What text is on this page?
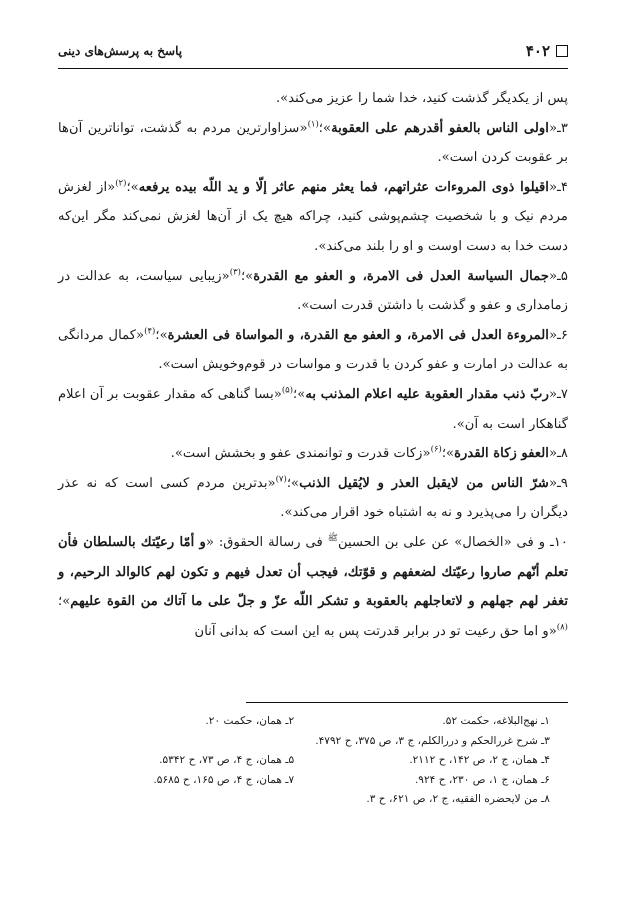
۴۰۲
پاسخ به پرسش‌های دینی

پس از یکدیگر گذشت کنید، خدا شما را عزیز می‌کند».

۳ـ«اولی الناس بالعفو أقدرهم علی العقوبة»؛$^{(۱)}$«سزاوارترین مردم به گذشت، تواناترین آن‌ها بر عقوبت کردن است».

۴ـ«اقیلوا ذوی المروءات عثراتهم، فما یعثر منهم عاثر إلّا و ید اللّه بیده یرفعه»؛$^{(۲)}$«از لغزش مردم نیک و با شخصیت چشم‌پوشی کنید، چراکه هیچ یک از آن‌ها لغزش نمی‌کند مگر این‌که دست خدا به دست اوست و او را بلند می‌کند».

۵ـ«جمال السیاسة العدل فی الامرة، و العفو مع القدرة»؛$^{(۳)}$«زیبایی سیاست، به عدالت در زمامداری و عفو و گذشت با داشتن قدرت است».

۶ـ«المروءة العدل فی الامرة، و العفو مع القدرة، و المواساة فی العشرة»؛$^{(۴)}$«کمال مردانگی به عدالت در امارت و عفو کردن با قدرت و مواسات در قوم‌وخویش است».

۷ـ«ربّ ذنب مقدار العقوبة علیه اعلام المذنب به»؛$^{(۵)}$«بسا گناهی که مقدار عقوبت بر آن اعلام گناهکار است به آن».

۸ـ«العفو زکاة القدرة»؛$^{(۶)}$«زکات قدرت و توانمندی عفو و بخشش است».

۹ـ«شرّ الناس من لایقبل العذر و لایُقیل الذنب»؛$^{(۷)}$«بدترین مردم کسی است که نه عذر دیگران را می‌پذیرد و نه به اشتباه خود اقرار می‌کند».

۱۰ـ و فی «الخصال» عن علی بن الحسین$^ﷺ$ فی رسالة الحقوق: «و أمّا رعیّتك بالسلطان فأن تعلم أنّهم صاروا رعیّتك لضعفهم و قوّتك، فیجب أن تعدل فیهم و تکون لهم کالوالد الرحیم، و تغفر لهم جهلهم و لاتعاجلهم بالعقوبة و تشکر اللّه عزّ و جلّ علی ما آتاك من القوة علیهم»؛$^{(۸)}$«و اما حق رعیت تو در برابر قدرتت پس به این است که بدانی آنان

۱ـ نهج‌البلاغه، حکمت ۵۲.
۲ـ همان، حکمت ۲۰.
۳ـ شرح غررالحکم و دررالکلم، ج ۳، ص ۳۷۵، ح ۴۷۹۲.
۴ـ همان، ج ۲، ص ۱۴۲، ح ۲۱۱۲.
۵ـ همان، ج ۴، ص ۷۳، ح ۵۳۴۲.
۶ـ همان، ج ۱، ص ۲۳۰، ح ۹۲۴.
۷ـ همان، ج ۴، ص ۱۶۵، ح ۵۶۸۵.
۸ـ من لایحضره الفقیه، ج ۲، ص ۶۲۱، ح ۳.
